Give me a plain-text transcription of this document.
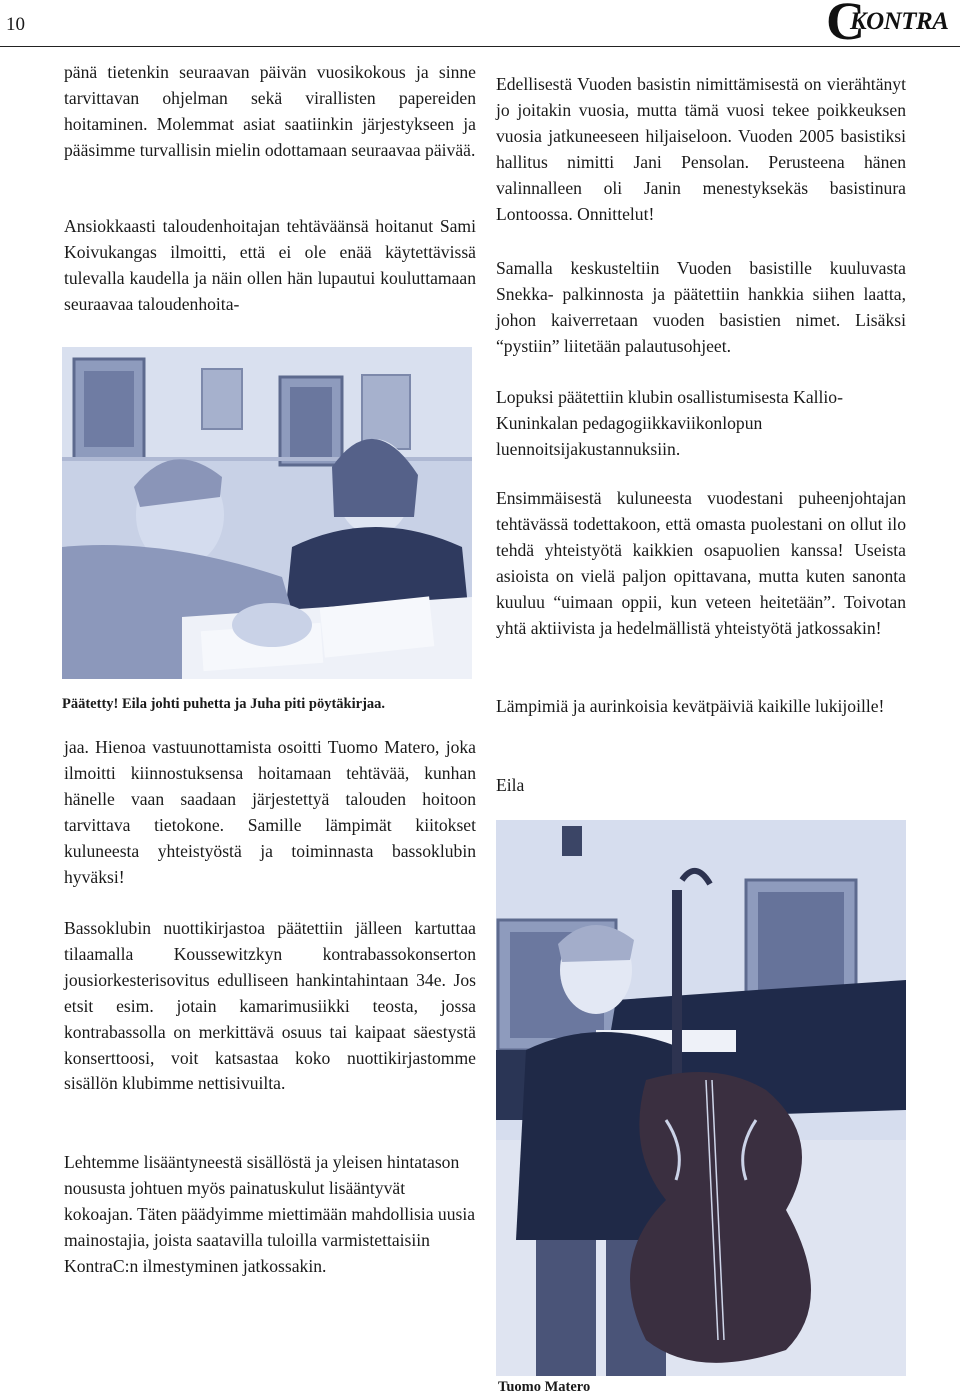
10	C
KONTRA

pänä tietenkin seuraavan päivän vuosikokous ja sinne tarvittavan ohjelman sekä virallisten papereiden hoitaminen. Molemmat asiat saatiinkin järjestykseen ja pääsimme turvallisin mielin odottamaan seuraavaa päivää.

Ansiokkaasti taloudenhoitajan tehtäväänsä hoitanut Sami Koivukangas ilmoitti, että ei ole enää käytettävissä tulevalla kaudella ja näin ollen hän lupautui kouluttamaan seuraavaa taloudenhoita-

Päätetty! Eila johti puhetta ja Juha piti pöytäkirjaa.

jaa. Hienoa vastuunottamista osoitti Tuomo Matero, joka ilmoitti kiinnostuksensa hoitamaan tehtävää, kunhan hänelle vaan saadaan järjestettyä talouden hoitoon tarvittava tietokone. Samille lämpimät kiitokset kuluneesta yhteistyöstä ja toiminnasta bassoklubin hyväksi!

Bassoklubin nuottikirjastoa päätettiin jälleen kartuttaa tilaamalla Koussewitzkyn kontrabassokonserton jousiorkesterisovitus edulliseen hankintahintaan 34e. Jos etsit esim. jotain kamarimusiikki teosta, jossa kontrabassolla on merkittävä osuus tai kaipaat säestystä konserttoosi, voit katsastaa koko nuottikirjastomme sisällön klubimme nettisivuilta.

Lehtemme lisääntyneestä sisällöstä ja yleisen hintatason noususta johtuen myös painatuskulut lisääntyvät kokoajan. Täten päädyimme miettimään mahdollisia uusia mainostajia, joista saatavilla tuloilla varmistettaisiin KontraC:n ilmestyminen jatkossakin.

Edellisestä Vuoden basistin nimittämisestä on vierähtänyt jo joitakin vuosia, mutta tämä vuosi tekee poikkeuksen vuosia jatkuneeseen hiljaiseloon. Vuoden 2005 basistiksi hallitus nimitti Jani Pensolan. Perusteena hänen valinnalleen oli Janin menestyksekäs basistinura Lontoossa. Onnittelut!

Samalla keskusteltiin Vuoden basistille kuuluvasta Snekka- palkinnosta ja päätettiin hankkia siihen laatta, johon kaiverretaan vuoden basistien nimet. Lisäksi “pystiin” liitetään palautusohjeet.

Lopuksi päätettiin klubin osallistumisesta Kallio-Kuninkalan pedagogiikkaviikonlopun luennoitsijakustannuksiin.

Ensimmäisestä kuluneesta vuodestani puheenjohtajan tehtävässä todettakoon, että omasta puolestani on ollut ilo tehdä yhteistyötä kaikkien osapuolien kanssa! Useista asioista on vielä paljon opittavana, mutta kuten sanonta kuuluu “uimaan oppii, kun veteen heitetään”. Toivotan yhtä aktiivista ja hedelmällistä yhteistyötä jatkossakin!

Lämpimiä ja aurinkoisia kevätpäiviä kaikille lukijoille!

Eila

Tuomo Matero
